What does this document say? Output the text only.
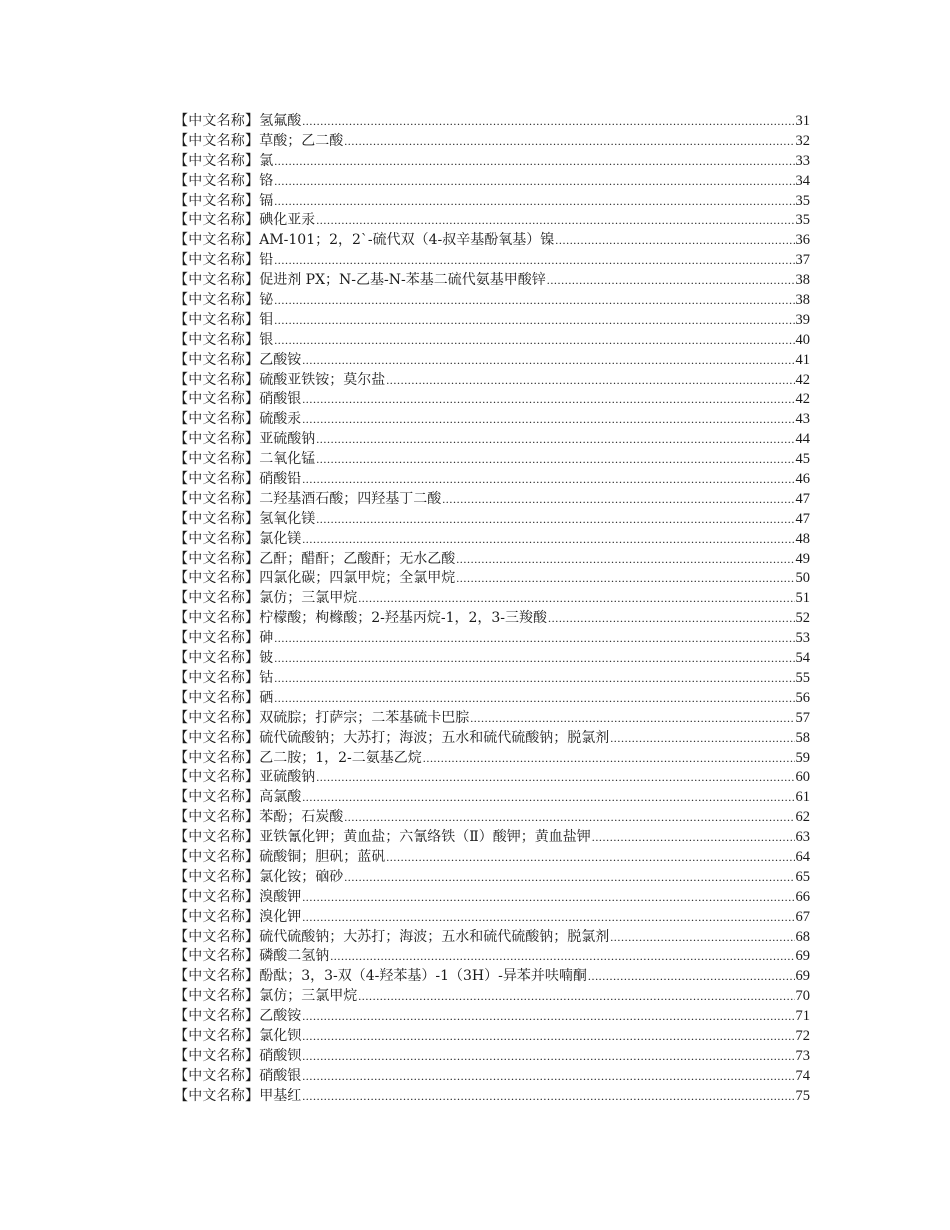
【中文名称】 氢氟酸 .....	31
【中文名称】 草酸；乙二酸 .....	32
【中文名称】 氯 .....	33
【中文名称】 铬 .....	34
【中文名称】 镉 .....	35
【中文名称】 碘化亚汞 .....	35
【中文名称】 AM-101；2，2`-硫代双（4-叔辛基酚氧基）镍 .....	36
【中文名称】 铅 .....	37
【中文名称】 促进剂 PX；N-乙基-N-苯基二硫代氨基甲酸锌 .....	38
【中文名称】 铋 .....	38
【中文名称】 钼 .....	39
【中文名称】 银 .....	40
【中文名称】 乙酸铵 .....	41
【中文名称】 硫酸亚铁铵；莫尔盐 .....	42
【中文名称】 硝酸银 .....	42
【中文名称】 硫酸汞 .....	43
【中文名称】 亚硫酸钠 .....	44
【中文名称】 二氧化锰 .....	45
【中文名称】 硝酸铅 .....	46
【中文名称】 二羟基酒石酸；四羟基丁二酸 .....	47
【中文名称】 氢氧化镁 .....	47
【中文名称】 氯化镁 .....	48
【中文名称】 乙酐；醋酐；乙酸酐；无水乙酸 .....	49
【中文名称】 四氯化碳；四氯甲烷；全氯甲烷 .....	50
【中文名称】 氯仿；三氯甲烷 .....	51
【中文名称】 柠檬酸；枸橼酸；2-羟基丙烷-1，2，3-三羧酸 .....	52
【中文名称】 砷 .....	53
【中文名称】 铍 .....	54
【中文名称】 钴 .....	55
【中文名称】 硒 .....	56
【中文名称】 双硫腙；打萨宗；二苯基硫卡巴腙 .....	57
【中文名称】 硫代硫酸钠；大苏打；海波；五水和硫代硫酸钠；脱氯剂 .....	58
【中文名称】 乙二胺；1，2-二氨基乙烷 .....	59
【中文名称】 亚硫酸钠 .....	60
【中文名称】 高氯酸 .....	61
【中文名称】 苯酚；石炭酸 .....	62
【中文名称】 亚铁氰化钾；黄血盐；六氰络铁（Ⅱ）酸钾；黄血盐钾 .....	63
【中文名称】 硫酸铜；胆矾；蓝矾 .....	64
【中文名称】 氯化铵；硇砂 .....	65
【中文名称】 溴酸钾 .....	66
【中文名称】 溴化钾 .....	67
【中文名称】 硫代硫酸钠；大苏打；海波；五水和硫代硫酸钠；脱氯剂 .....	68
【中文名称】 磷酸二氢钠 .....	69
【中文名称】 酚酞；3，3-双（4-羟苯基）-1（3H）-异苯并呋喃酮 .....	69
【中文名称】 氯仿；三氯甲烷 .....	70
【中文名称】 乙酸铵 .....	71
【中文名称】 氯化钡 .....	72
【中文名称】 硝酸钡 .....	73
【中文名称】 硝酸银 .....	74
【中文名称】 甲基红 .....	75
